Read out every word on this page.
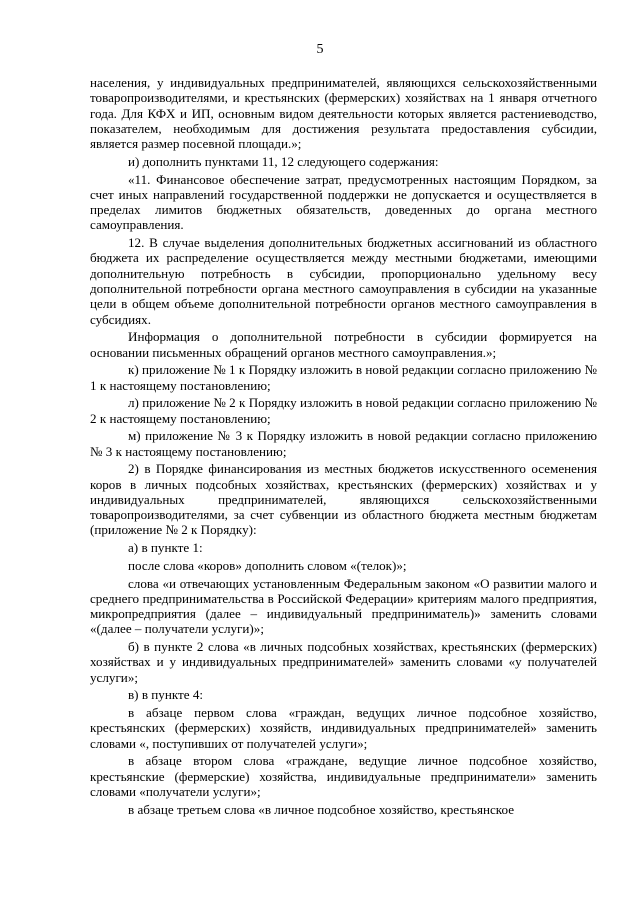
5

населения, у индивидуальных предпринимателей, являющихся сельскохозяйственными товаропроизводителями, и крестьянских (фермерских) хозяйствах на 1 января отчетного года. Для КФХ и ИП, основным видом деятельности которых является растениеводство, показателем, необходимым для достижения результата предоставления субсидии, является размер посевной площади.»;

и) дополнить пунктами 11, 12 следующего содержания:

«11. Финансовое обеспечение затрат, предусмотренных настоящим Порядком, за счет иных направлений государственной поддержки не допускается и осуществляется в пределах лимитов бюджетных обязательств, доведенных до органа местного самоуправления.

12. В случае выделения дополнительных бюджетных ассигнований из областного бюджета их распределение осуществляется между местными бюджетами, имеющими дополнительную потребность в субсидии, пропорционально удельному весу дополнительной потребности органа местного самоуправления в субсидии на указанные цели в общем объеме дополнительной потребности органов местного самоуправления в субсидиях.

Информация о дополнительной потребности в субсидии формируется на основании письменных обращений органов местного самоуправления.»;

к) приложение № 1 к Порядку изложить в новой редакции согласно приложению № 1 к настоящему постановлению;

л) приложение № 2 к Порядку изложить в новой редакции согласно приложению № 2 к настоящему постановлению;

м) приложение № 3 к Порядку изложить в новой редакции согласно приложению № 3 к настоящему постановлению;

2) в Порядке финансирования из местных бюджетов искусственного осеменения коров в личных подсобных хозяйствах, крестьянских (фермерских) хозяйствах и у индивидуальных предпринимателей, являющихся сельскохозяйственными товаропроизводителями, за счет субвенции из областного бюджета местным бюджетам (приложение № 2 к Порядку):

а) в пункте 1:

после слова «коров» дополнить словом «(телок)»;

слова «и отвечающих установленным Федеральным законом «О развитии малого и среднего предпринимательства в Российской Федерации» критериям малого предприятия, микропредприятия (далее – индивидуальный предприниматель)» заменить словами «(далее – получатели услуги)»;

б) в пункте 2 слова «в личных подсобных хозяйствах, крестьянских (фермерских) хозяйствах и у индивидуальных предпринимателей» заменить словами «у получателей услуги»;

в) в пункте 4:

в абзаце первом слова «граждан, ведущих личное подсобное хозяйство, крестьянских (фермерских) хозяйств, индивидуальных предпринимателей» заменить словами «, поступивших от получателей услуги»;

в абзаце втором слова «граждане, ведущие личное подсобное хозяйство, крестьянские (фермерские) хозяйства, индивидуальные предприниматели» заменить словами «получатели услуги»;

в абзаце третьем слова «в личное подсобное хозяйство, крестьянское
